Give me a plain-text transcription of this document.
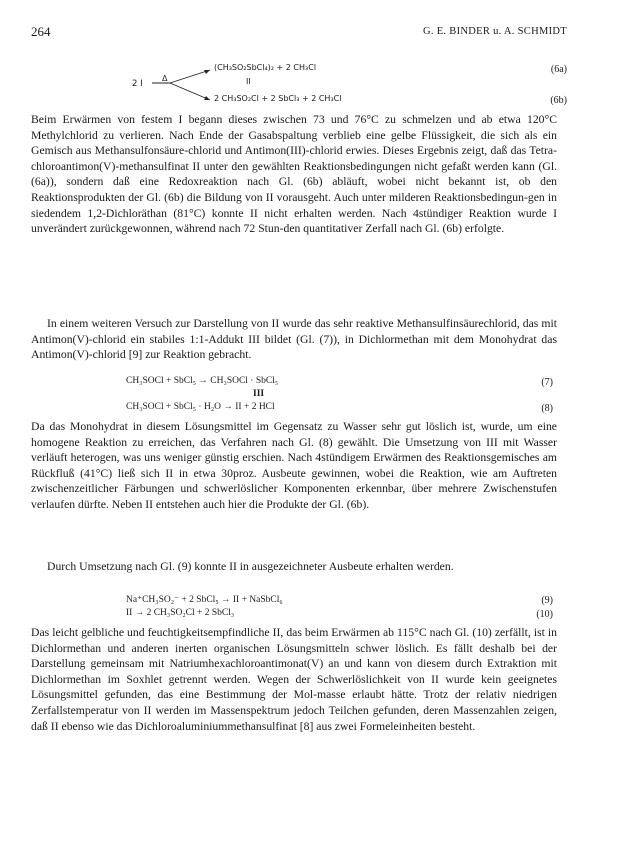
264	G. E. BINDER u. A. SCHMIDT
2 I
Δ
(CH₃SO₂SbCl₄)₂ + 2 CH₃Cl
II
2 CH₃SO₂Cl + 2 SbCl₃ + 2 CH₃Cl
(6a)
(6b)

Beim Erwärmen von festem I begann dieses zwischen 73 und 76°C zu schmelzen und ab etwa 120°C Methylchlorid zu verlieren. Nach Ende der Gasabspaltung verblieb eine gelbe Flüssigkeit, die sich als ein Gemisch aus Methansulfonsäure-chlorid und Antimon(III)-chlorid erwies. Dieses Ergebnis zeigt, daß das Tetra-chloroantimon(V)-methansulfinat II unter den gewählten Reaktionsbedingungen nicht gefaßt werden kann (Gl. (6a)), sondern daß eine Redoxreaktion nach Gl. (6b) abläuft, wobei nicht bekannt ist, ob den Reaktionsprodukten der Gl. (6b) die Bildung von II vorausgeht. Auch unter milderen Reaktionsbedingun-gen in siedendem 1,2-Dichloräthan (81°C) konnte II nicht erhalten werden. Nach 4stündiger Reaktion wurde I unverändert zurückgewonnen, während nach 72 Stun-den quantitativer Zerfall nach Gl. (6b) erfolgte.

In einem weiteren Versuch zur Darstellung von II wurde das sehr reaktive Methansulfinsäurechlorid, das mit Antimon(V)-chlorid ein stabiles 1:1-Addukt III bildet (Gl. (7)), in Dichlormethan mit dem Monohydrat das Antimon(V)-chlorid [9] zur Reaktion gebracht.

CH₃SOCl + SbCl₅ → CH₃SOCl · SbCl₅
III
(7)
CH₃SOCl + SbCl₅ · H₂O → II + 2 HCl	(8)

Da das Monohydrat in diesem Lösungsmittel im Gegensatz zu Wasser sehr gut löslich ist, wurde, um eine homogene Reaktion zu erreichen, das Verfahren nach Gl. (8) gewählt. Die Umsetzung von III mit Wasser verläuft heterogen, was uns weniger günstig erschien. Nach 4stündigem Erwärmen des Reaktionsgemisches am Rückfluß (41°C) ließ sich II in etwa 30proz. Ausbeute gewinnen, wobei die Reaktion, wie am Auftreten zwischenzeitlicher Färbungen und schwerlöslicher Komponenten erkennbar, über mehrere Zwischenstufen verlaufen dürfte. Neben II entstehen auch hier die Produkte der Gl. (6b).

Durch Umsetzung nach Gl. (9) konnte II in ausgezeichneter Ausbeute erhalten werden.

Na⁺CH₃SO₂⁻ + 2 SbCl₅ → II + NaSbCl₆	(9)
II → 2 CH₃SO₂Cl + 2 SbCl₃	(10)

Das leicht gelbliche und feuchtigkeitsempfindliche II, das beim Erwärmen ab 115°C nach Gl. (10) zerfällt, ist in Dichlormethan und anderen inerten organischen Lösungsmitteln schwer löslich. Es fällt deshalb bei der Darstellung gemeinsam mit Natriumhexachloroantimonat(V) an und kann von diesem durch Extraktion mit Dichlormethan im Soxhlet getrennt werden. Wegen der Schwerlöslichkeit von II wurde kein geeignetes Lösungsmittel gefunden, das eine Bestimmung der Mol-masse erlaubt hätte. Trotz der relativ niedrigen Zerfallstemperatur von II werden im Massenspektrum jedoch Teilchen gefunden, deren Massenzahlen zeigen, daß II ebenso wie das Dichloroaluminiummethansulfinat [8] aus zwei Formeleinheiten besteht.
